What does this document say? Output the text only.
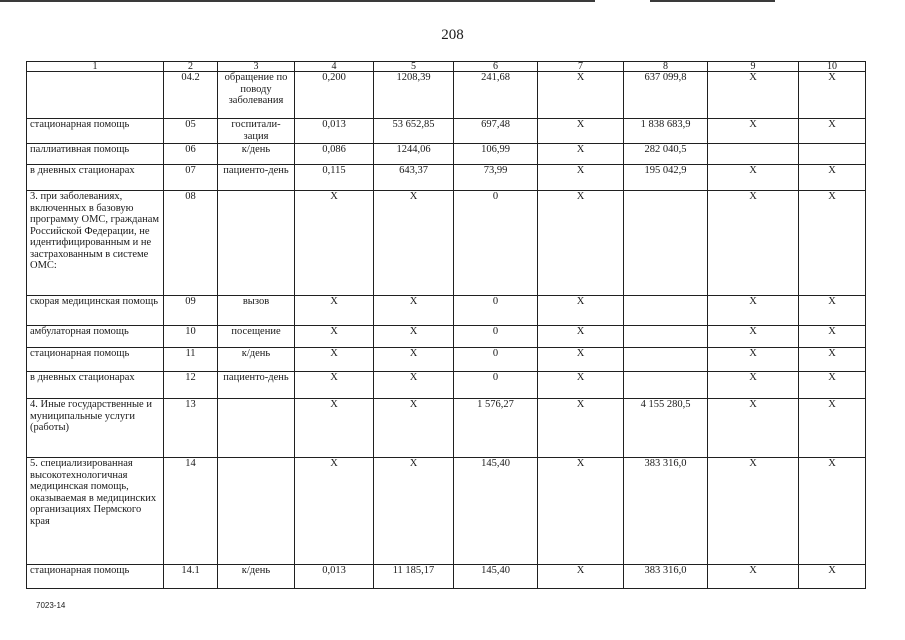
208
1	2	3	4	5	6	7	8	9	10
	04.2	обращение по поводу заболевания	0,200	1208,39	241,68	X	637 099,8	X	X
стационарная помощь	05	госпитали-зация	0,013	53 652,85	697,48	X	1 838 683,9	X	X
паллиативная помощь	06	к/день	0,086	1244,06	106,99	X	282 040,5		
в дневных стационарах	07	пациенто-день	0,115	643,37	73,99	X	195 042,9	X	X
3. при заболеваниях, включенных в базовую программу ОМС, гражданам Российской Федерации, не идентифицированным и не застрахованным в системе ОМС:	08		X	X	0	X		X	X
скорая медицинская помощь	09	вызов	X	X	0	X		X	X
амбулаторная помощь	10	посещение	X	X	0	X		X	X
стационарная помощь	11	к/день	X	X	0	X		X	X
в дневных стационарах	12	пациенто-день	X	X	0	X		X	X
4. Иные государственные и муниципальные услуги (работы)	13		X	X	1 576,27	X	4 155 280,5	X	X
5. специализированная высокотехнологичная медицинская помощь, оказываемая в медицинских организациях Пермского края	14		X	X	145,40	X	383 316,0	X	X
стационарная помощь	14.1	к/день	0,013	11 185,17	145,40	X	383 316,0	X	X
7023-14
